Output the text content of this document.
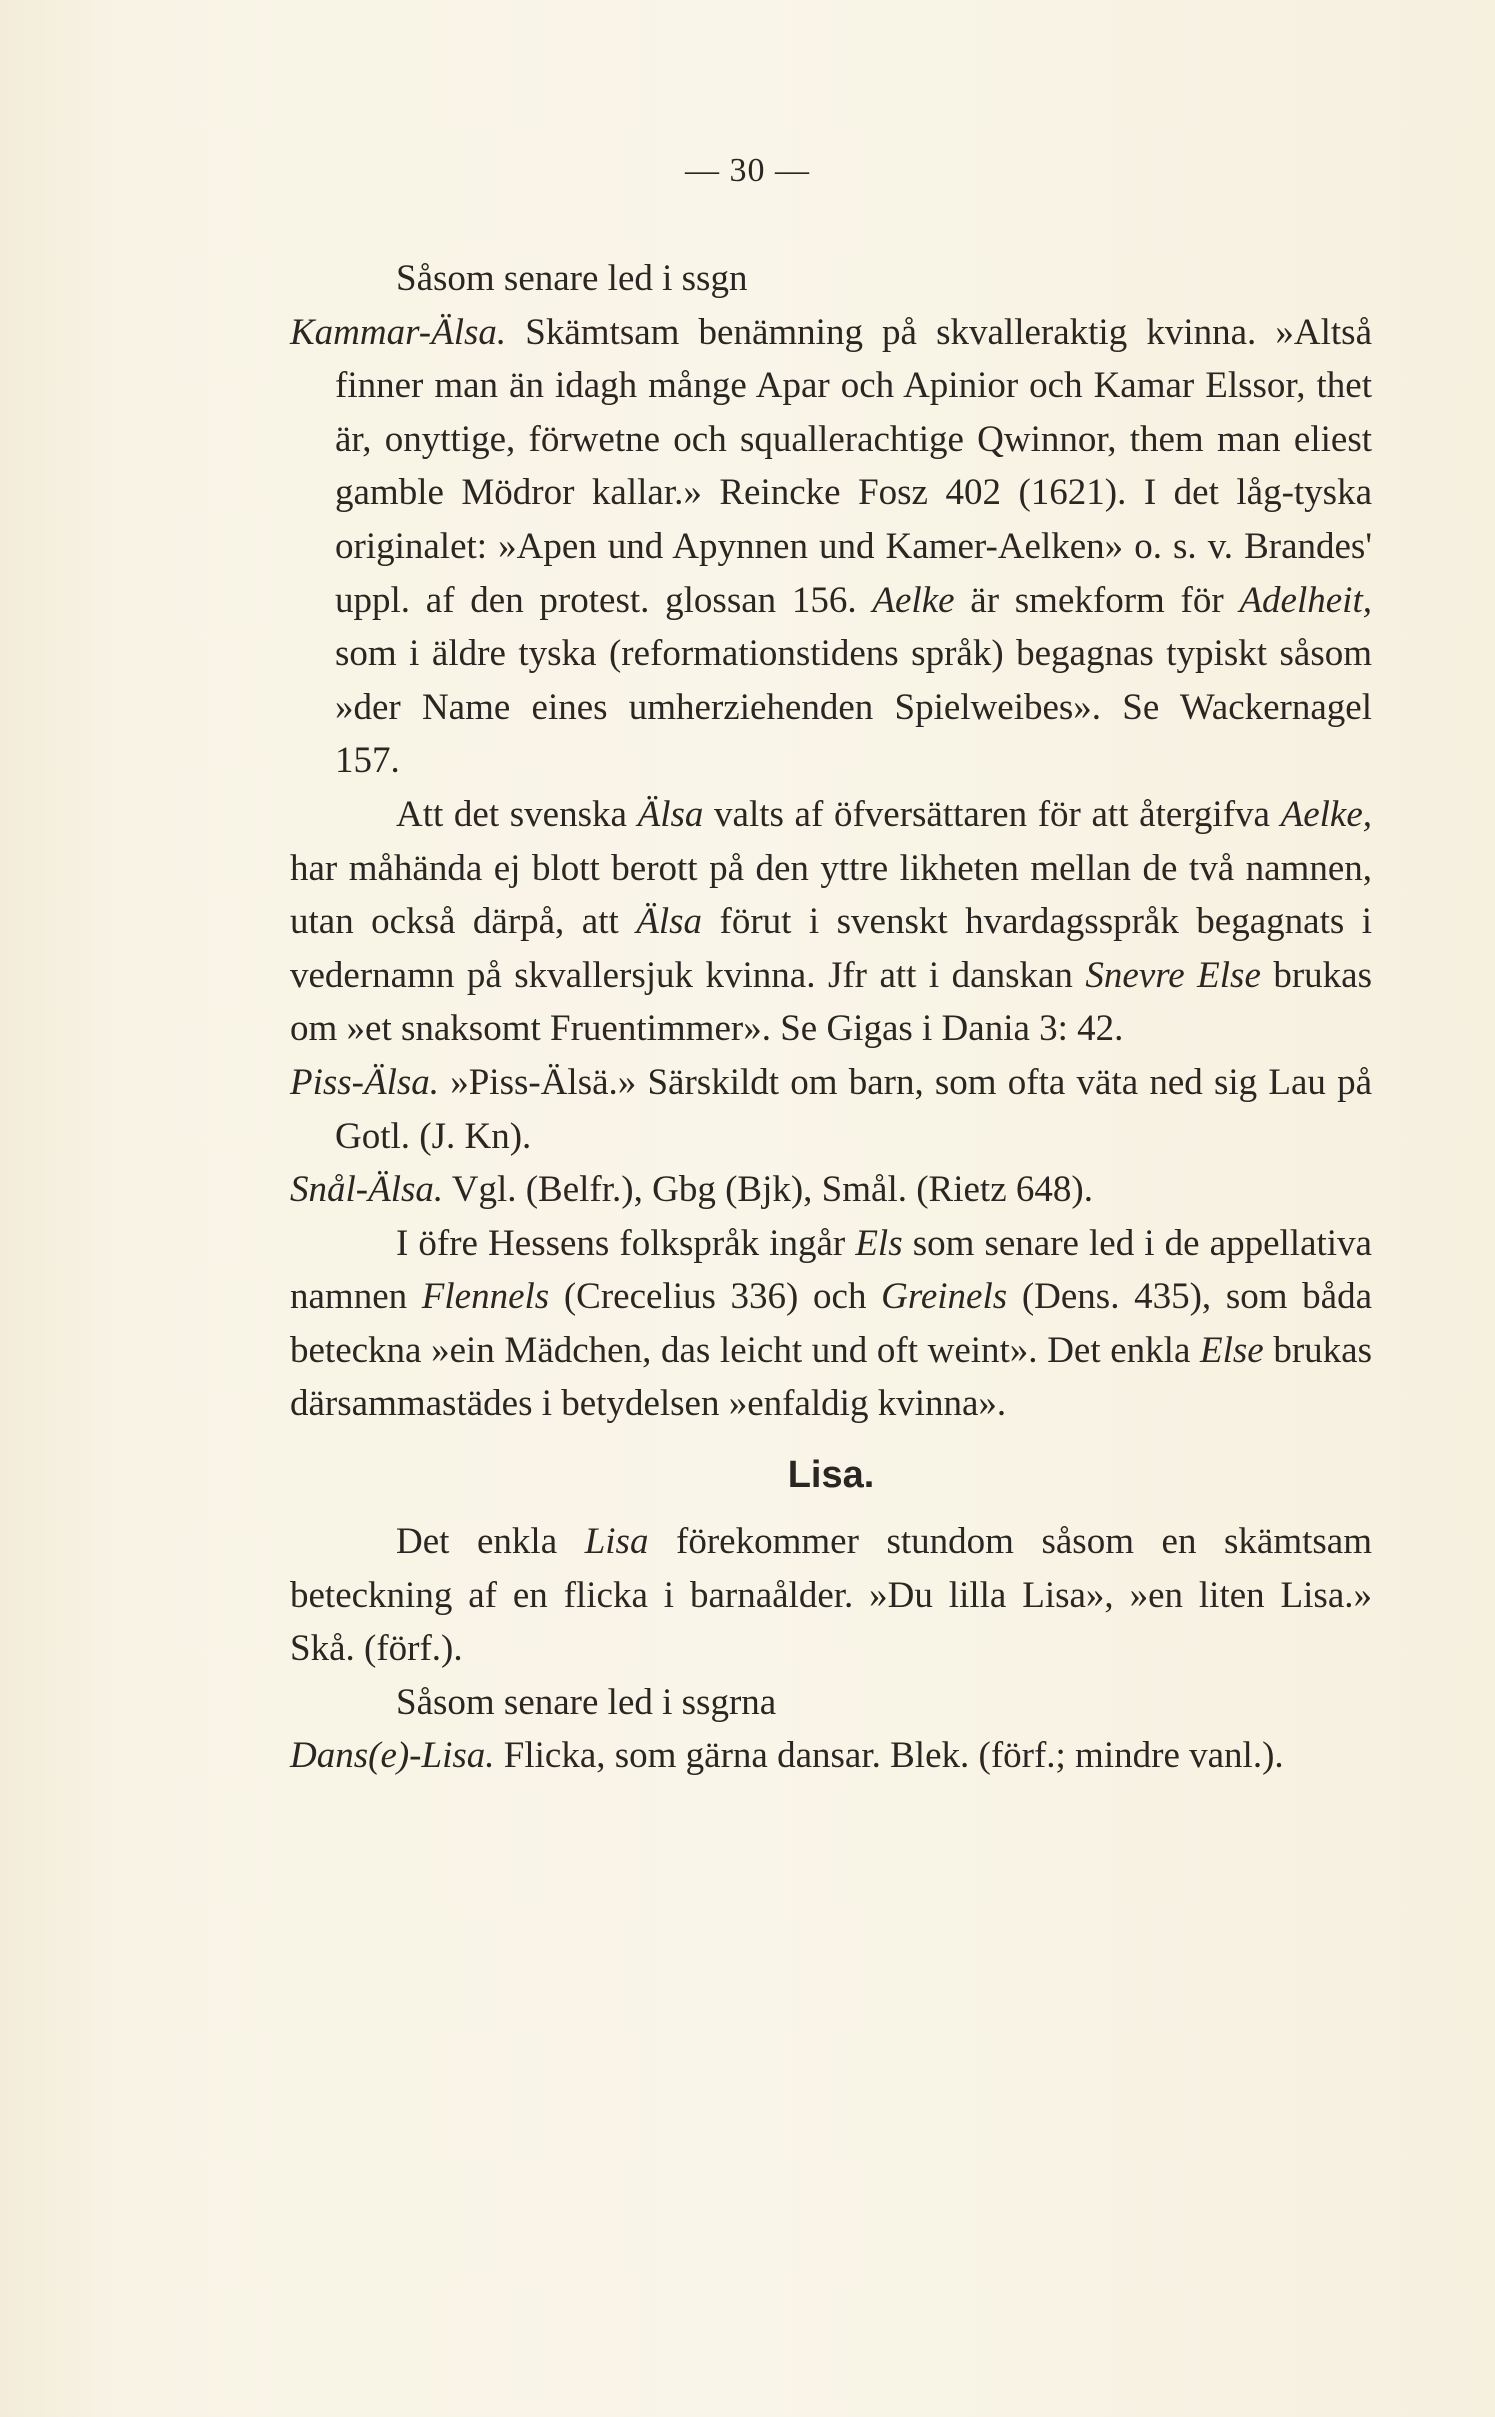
— 30 —

Såsom senare led i ssgn

Kammar-Älsa. Skämtsam benämning på skvalleraktig kvinna. »Altså finner man än idagh månge Apar och Apinior och Kamar Elssor, thet är, onyttige, förwetne och squallerachtige Qwinnor, them man eliest gamble Mödror kallar.» Reincke Fosz 402 (1621). I det låg-tyska originalet: »Apen und Apynnen und Kamer-Aelken» o. s. v. Brandes' uppl. af den protest. glossan 156. Aelke är smekform för Adelheit, som i äldre tyska (reformationstidens språk) begagnas typiskt såsom »der Name eines umherziehenden Spielweibes». Se Wackernagel 157.

Att det svenska Älsa valts af öfversättaren för att återgifva Aelke, har måhända ej blott berott på den yttre likheten mellan de två namnen, utan också därpå, att Älsa förut i svenskt hvardagsspråk begagnats i vedernamn på skvallersjuk kvinna. Jfr att i danskan Snevre Else brukas om »et snaksomt Fruentimmer». Se Gigas i Dania 3: 42.

Piss-Älsa. »Piss-Älsä.» Särskildt om barn, som ofta väta ned sig Lau på Gotl. (J. Kn).

Snål-Älsa. Vgl. (Belfr.), Gbg (Bjk), Smål. (Rietz 648).

I öfre Hessens folkspråk ingår Els som senare led i de appellativa namnen Flennels (Crecelius 336) och Greinels (Dens. 435), som båda beteckna »ein Mädchen, das leicht und oft weint». Det enkla Else brukas därsammastädes i betydelsen »enfaldig kvinna».

Lisa.

Det enkla Lisa förekommer stundom såsom en skämtsam beteckning af en flicka i barnaålder. »Du lilla Lisa», »en liten Lisa.» Skå. (förf.).

Såsom senare led i ssgrna

Dans(e)-Lisa. Flicka, som gärna dansar. Blek. (förf.; mindre vanl.).
